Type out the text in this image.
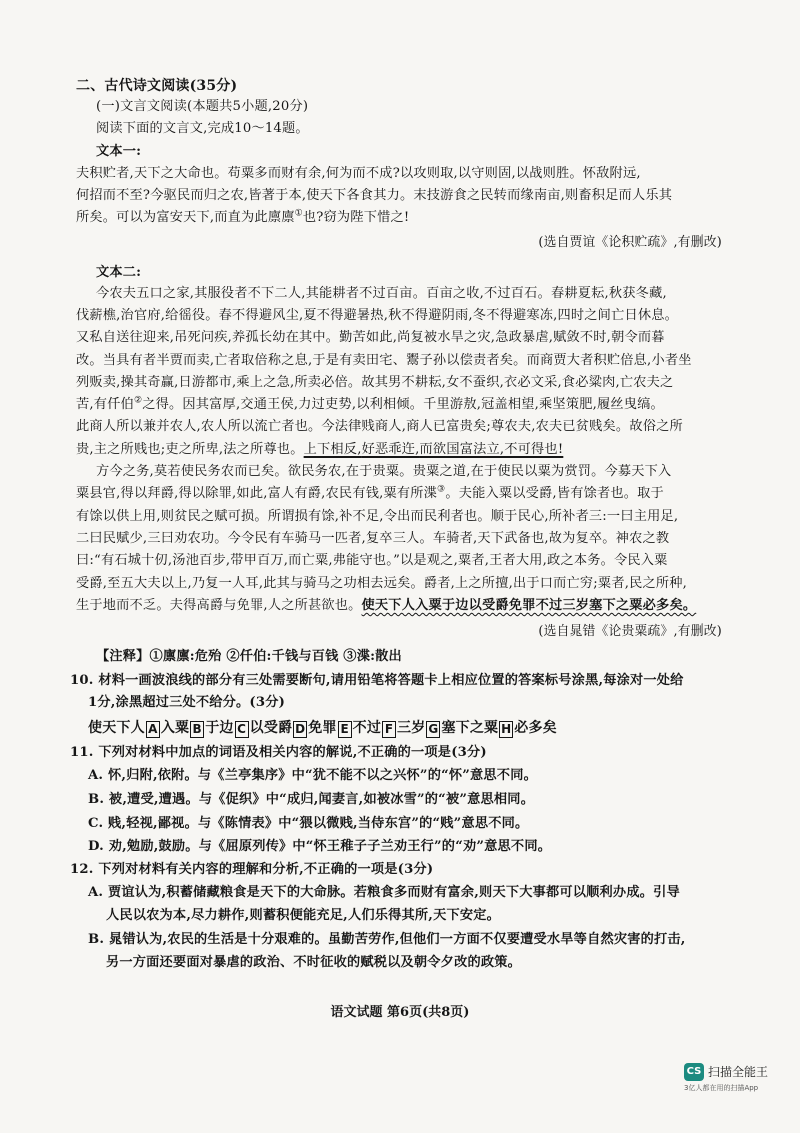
二、古代诗文阅读(35分)
(一)文言文阅读(本题共5小题,20分)
阅读下面的文言文,完成10～14题。
文本一:
夫积贮者,天下之大命也。苟粟多而财有余,何为而不成?以攻则取,以守则固,以战则胜。怀敌附远,
何招而不至?今驱民而归之农,皆著于本,使天下各食其力。末技游食之民转而缘南亩,则畜积足而人乐其
所矣。可以为富安天下,而直为此廪廪①也?窃为陛下惜之!
(选自贾谊《论积贮疏》,有删改)
文本二:
今农夫五口之家,其服役者不下二人,其能耕者不过百亩。百亩之收,不过百石。春耕夏耘,秋获冬藏,
伐薪樵,治官府,给徭役。春不得避风尘,夏不得避暑热,秋不得避阴雨,冬不得避寒冻,四时之间亡日休息。
又私自送往迎来,吊死问疾,养孤长幼在其中。勤苦如此,尚复被水旱之灾,急政暴虐,赋敛不时,朝令而暮
改。当具有者半贾而卖,亡者取倍称之息,于是有卖田宅、鬻子孙以偿责者矣。而商贾大者积贮倍息,小者坐
列贩卖,操其奇赢,日游都市,乘上之急,所卖必倍。故其男不耕耘,女不蚕织,衣必文采,食必粱肉,亡农夫之
苦,有仟伯②之得。因其富厚,交通王侯,力过吏势,以利相倾。千里游敖,冠盖相望,乘坚策肥,履丝曳缟。
此商人所以兼并农人,农人所以流亡者也。今法律贱商人,商人已富贵矣;尊农夫,农夫已贫贱矣。故俗之所
贵,主之所贱也;吏之所卑,法之所尊也。上下相反,好恶乖迕,而欲国富法立,不可得也!
方今之务,莫若使民务农而已矣。欲民务农,在于贵粟。贵粟之道,在于使民以粟为赏罚。今募天下入
粟县官,得以拜爵,得以除罪,如此,富人有爵,农民有钱,粟有所渫③。夫能入粟以受爵,皆有馀者也。取于
有馀以供上用,则贫民之赋可损。所谓损有馀,补不足,令出而民利者也。顺于民心,所补者三:一曰主用足,
二曰民赋少,三曰劝农功。今令民有车骑马一匹者,复卒三人。车骑者,天下武备也,故为复卒。神农之教
曰:“有石城十仞,汤池百步,带甲百万,而亡粟,弗能守也。”以是观之,粟者,王者大用,政之本务。令民入粟
受爵,至五大夫以上,乃复一人耳,此其与骑马之功相去远矣。爵者,上之所擅,出于口而亡穷;粟者,民之所种,
生于地而不乏。夫得高爵与免罪,人之所甚欲也。使天下人入粟于边以受爵免罪不过三岁塞下之粟必多矣。
(选自晁错《论贵粟疏》,有删改)
【注释】①廪廪:危殆 ②仟伯:千钱与百钱 ③渫:散出
10. 材料一画波浪线的部分有三处需要断句,请用铅笔将答题卡上相应位置的答案标号涂黑,每涂对一处给
1分,涂黑超过三处不给分。(3分)
使天下人 A 入粟 B 于边 C 以受爵 D 免罪 E 不过 F 三岁 G 塞下之粟 H 必多矣
11. 下列对材料中加点的词语及相关内容的解说,不正确的一项是(3分)
A. 怀,归附,依附。与《兰亭集序》中“犹不能不以之兴怀”的“怀”意思不同。
B. 被,遭受,遭遇。与《促织》中“成归,闻妻言,如被冰雪”的“被”意思相同。
C. 贱,轻视,鄙视。与《陈情表》中“猥以微贱,当侍东宫”的“贱”意思不同。
D. 劝,勉励,鼓励。与《屈原列传》中“怀王稚子子兰劝王行”的“劝”意思不同。
12. 下列对材料有关内容的理解和分析,不正确的一项是(3分)
A. 贾谊认为,积蓄储藏粮食是天下的大命脉。若粮食多而财有富余,则天下大事都可以顺利办成。引导
人民以农为本,尽力耕作,则蓄积便能充足,人们乐得其所,天下安定。
B. 晁错认为,农民的生活是十分艰难的。虽勤苦劳作,但他们一方面不仅要遭受水旱等自然灾害的打击,
另一方面还要面对暴虐的政治、不时征收的赋税以及朝令夕改的政策。
语文试题 第6页(共8页)
CS 扫描全能王
3亿人都在用的扫描App
